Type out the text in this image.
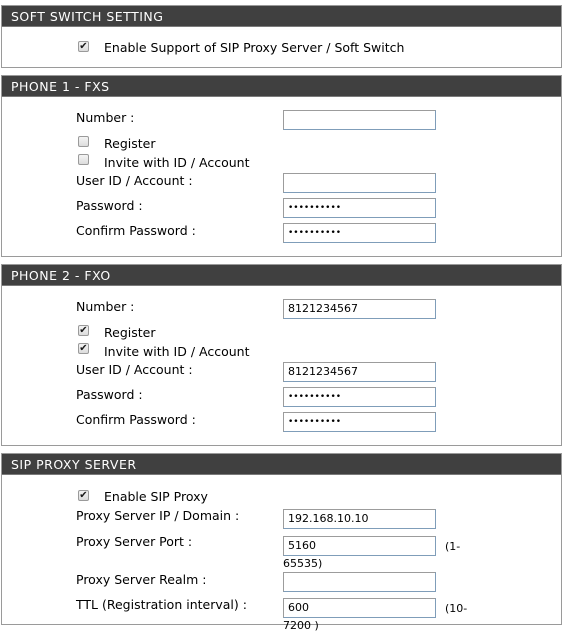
SOFT SWITCH SETTING
✔ Enable Support of SIP Proxy Server / Soft Switch
PHONE 1 - FXS
Number :
Register
Invite with ID / Account
User ID / Account :
Password :	••••••••••
Confirm Password :	••••••••••
PHONE 2 - FXO
Number :	8121234567
✔ Register
✔ Invite with ID / Account
User ID / Account :	8121234567
Password :	••••••••••
Confirm Password :	••••••••••
SIP PROXY SERVER
✔ Enable SIP Proxy
Proxy Server IP / Domain :	192.168.10.10
Proxy Server Port :	5160	(1-
65535)
Proxy Server Realm :
TTL (Registration interval) :	600	(10-
7200 )
